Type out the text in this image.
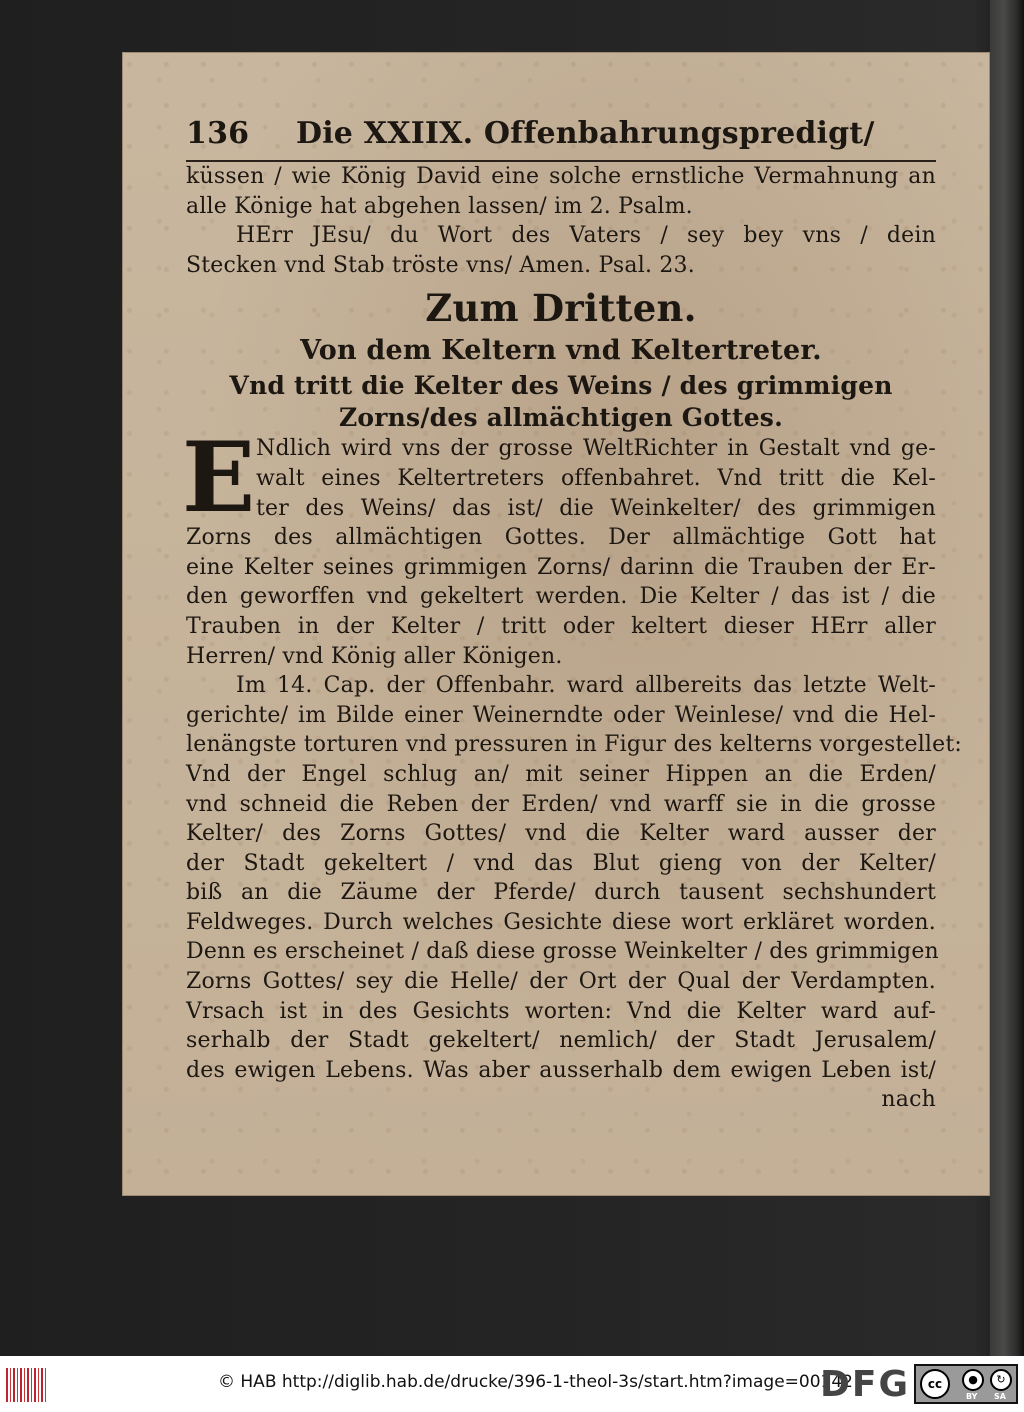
136	Die XXIIX. Offenbahrungspredigt/
küssen / wie König David eine solche ernstliche Vermahnung an
alle Könige hat abgehen lassen/ im 2. Psalm.
HErr JEsu/ du Wort des Vaters / sey bey vns / dein
Stecken vnd Stab tröste vns/ Amen. Psal. 23.
Zum Dritten.
Von dem Keltern vnd Keltertreter.
Vnd tritt die Kelter des Weins / des grimmigen
Zorns/des allmächtigen Gottes.
E Ndlich wird vns der grosse WeltRichter in Gestalt vnd ge-
walt eines Keltertreters offenbahret. Vnd tritt die Kel-
ter des Weins/ das ist/ die Weinkelter/ des grimmigen
Zorns des allmächtigen Gottes. Der allmächtige Gott hat
eine Kelter seines grimmigen Zorns/ darinn die Trauben der Er-
den geworffen vnd gekeltert werden. Die Kelter / das ist / die
Trauben in der Kelter / tritt oder keltert dieser HErr aller
Herren/ vnd König aller Königen.
Im 14. Cap. der Offenbahr. ward allbereits das letzte Welt-
gerichte/ im Bilde einer Weinerndte oder Weinlese/ vnd die Hel-
lenängste torturen vnd pressuren in Figur des kelterns vorgestellet:
Vnd der Engel schlug an/ mit seiner Hippen an die Erden/
vnd schneid die Reben der Erden/ vnd warff sie in die grosse
Kelter/ des Zorns Gottes/ vnd die Kelter ward ausser der
der Stadt gekeltert / vnd das Blut gieng von der Kelter/
biß an die Zäume der Pferde/ durch tausent sechshundert
Feldweges. Durch welches Gesichte diese wort erkläret worden.
Denn es erscheinet / daß diese grosse Weinkelter / des grimmigen
Zorns Gottes/ sey die Helle/ der Ort der Qual der Verdampten.
Vrsach ist in des Gesichts worten: Vnd die Kelter ward auf-
serhalb der Stadt gekeltert/ nemlich/ der Stadt Jerusalem/
des ewigen Lebens. Was aber ausserhalb dem ewigen Leben ist/
nach
© HAB http://diglib.hab.de/drucke/396-1-theol-3s/start.htm?image=00142
DFG	cc	●	↻
BY SA
